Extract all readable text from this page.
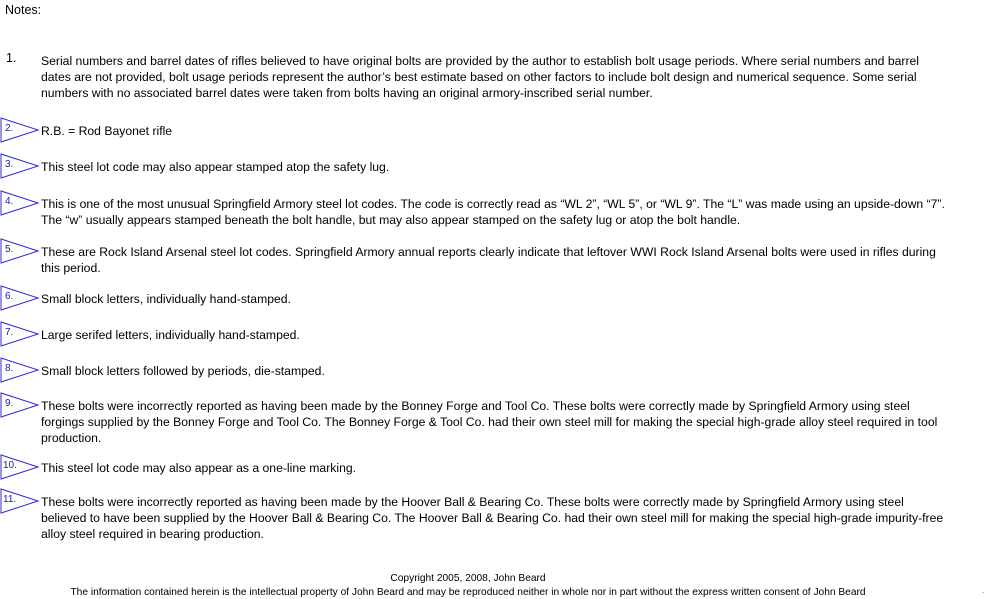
Notes:
1. Serial numbers and barrel dates of rifles believed to have original bolts are provided by the author to establish bolt usage periods. Where serial numbers and barrel dates are not provided, bolt usage periods represent the author’s best estimate based on other factors to include bolt design and numerical sequence. Some serial numbers with no associated barrel dates were taken from bolts having an original armory-inscribed serial number.
2. R.B. = Rod Bayonet rifle
3. This steel lot code may also appear stamped atop the safety lug.
4. This is one of the most unusual Springfield Armory steel lot codes. The code is correctly read as “WL 2”, “WL 5”, or “WL 9”. The “L” was made using an upside-down “7”. The “w” usually appears stamped beneath the bolt handle, but may also appear stamped on the safety lug or atop the bolt handle.
5. These are Rock Island Arsenal steel lot codes. Springfield Armory annual reports clearly indicate that leftover WWI Rock Island Arsenal bolts were used in rifles during this period.
6. Small block letters, individually hand-stamped.
7. Large serifed letters, individually hand-stamped.
8. Small block letters followed by periods, die-stamped.
9. These bolts were incorrectly reported as having been made by the Bonney Forge and Tool Co. These bolts were correctly made by Springfield Armory using steel forgings supplied by the Bonney Forge and Tool Co. The Bonney Forge & Tool Co. had their own steel mill for making the special high-grade alloy steel required in tool production.
10. This steel lot code may also appear as a one-line marking.
11. These bolts were incorrectly reported as having been made by the Hoover Ball & Bearing Co. These bolts were correctly made by Springfield Armory using steel believed to have been supplied by the Hoover Ball & Bearing Co. The Hoover Ball & Bearing Co. had their own steel mill for making the special high-grade impurity-free alloy steel required in bearing production.
Copyright 2005, 2008, John Beard
The information contained herein is the intellectual property of John Beard and may be reproduced neither in whole nor in part without the express written consent of John Beard	.
